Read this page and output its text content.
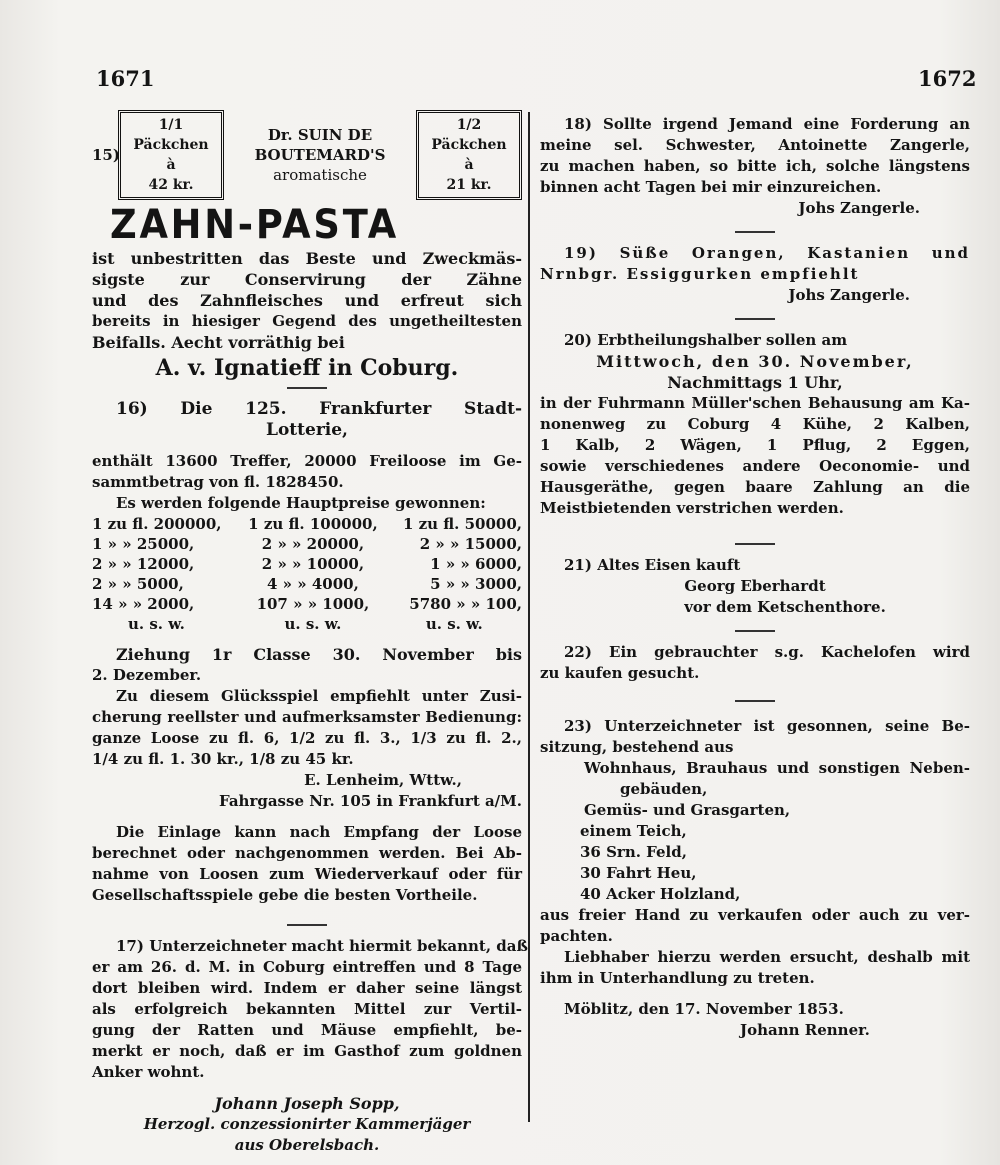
1671	1672
15)
1/1 Päckchen
à
42 kr.
Dr. SUIN DE
BOUTEMARD'S
aromatische
1/2 Päckchen
à
21 kr.
ZAHN-PASTA
ist unbestritten das Beste und Zweckmäs-
sigste zur Conservirung der Zähne
und des Zahnfleisches und erfreut sich
bereits in hiesiger Gegend des ungetheiltesten
Beifalls. Aecht vorräthig bei
A. v. Ignatieff in Coburg.
16) Die 125. Frankfurter Stadt-
Lotterie,
enthält 13600 Treffer, 20000 Freiloose im Ge-
sammtbetrag von fl. 1828450.
Es werden folgende Hauptpreise gewonnen:
1 zu fl. 200000,	1 zu fl. 100000,	1 zu fl. 50000,
1 » » 25000,	2 » » 20000,	2 » » 15000,
2 » » 12000,	2 » » 10000,	1 » » 6000,
2 » » 5000,	4 » » 4000,	5 » » 3000,
14 » » 2000,	107 » » 1000,	5780 » » 100,
u. s. w.	u. s. w.	u. s. w.
Ziehung 1r Classe 30. November bis
2. Dezember.
Zu diesem Glücksspiel empfiehlt unter Zusi-
cherung reellster und aufmerksamster Bedienung:
ganze Loose zu fl. 6, 1/2 zu fl. 3., 1/3 zu fl. 2.,
1/4 zu fl. 1. 30 kr., 1/8 zu 45 kr.
E. Lenheim, Wttw.,
Fahrgasse Nr. 105 in Frankfurt a/M.
Die Einlage kann nach Empfang der Loose
berechnet oder nachgenommen werden. Bei Ab-
nahme von Loosen zum Wiederverkauf oder für
Gesellschaftsspiele gebe die besten Vortheile.
17) Unterzeichneter macht hiermit bekannt, daß
er am 26. d. M. in Coburg eintreffen und 8 Tage
dort bleiben wird. Indem er daher seine längst
als erfolgreich bekannten Mittel zur Vertil-
gung der Ratten und Mäuse empfiehlt, be-
merkt er noch, daß er im Gasthof zum goldnen
Anker wohnt.
Johann Joseph Sopp,
Herzogl. conzessionirter Kammerjäger
aus Oberelsbach.
18) Sollte irgend Jemand eine Forderung an
meine sel. Schwester, Antoinette Zangerle,
zu machen haben, so bitte ich, solche längstens
binnen acht Tagen bei mir einzureichen.
Johs Zangerle.
19) Süße Orangen, Kastanien und
Nrnbgr. Essiggurken empfiehlt
Johs Zangerle.
20) Erbtheilungshalber sollen am
Mittwoch, den 30. November,
Nachmittags 1 Uhr,
in der Fuhrmann Müller'schen Behausung am Ka-
nonenweg zu Coburg 4 Kühe, 2 Kalben,
1 Kalb, 2 Wägen, 1 Pflug, 2 Eggen,
sowie verschiedenes andere Oeconomie- und
Hausgeräthe, gegen baare Zahlung an die
Meistbietenden verstrichen werden.
21) Altes Eisen kauft
Georg Eberhardt
vor dem Ketschenthore.
22) Ein gebrauchter s.g. Kachelofen wird
zu kaufen gesucht.
23) Unterzeichneter ist gesonnen, seine Be-
sitzung, bestehend aus
Wohnhaus, Brauhaus und sonstigen Neben-
gebäuden,
Gemüs- und Grasgarten,
einem Teich,
36 Srn. Feld,
30 Fahrt Heu,
40 Acker Holzland,
aus freier Hand zu verkaufen oder auch zu ver-
pachten.
Liebhaber hierzu werden ersucht, deshalb mit
ihm in Unterhandlung zu treten.
Möblitz, den 17. November 1853.
Johann Renner.
